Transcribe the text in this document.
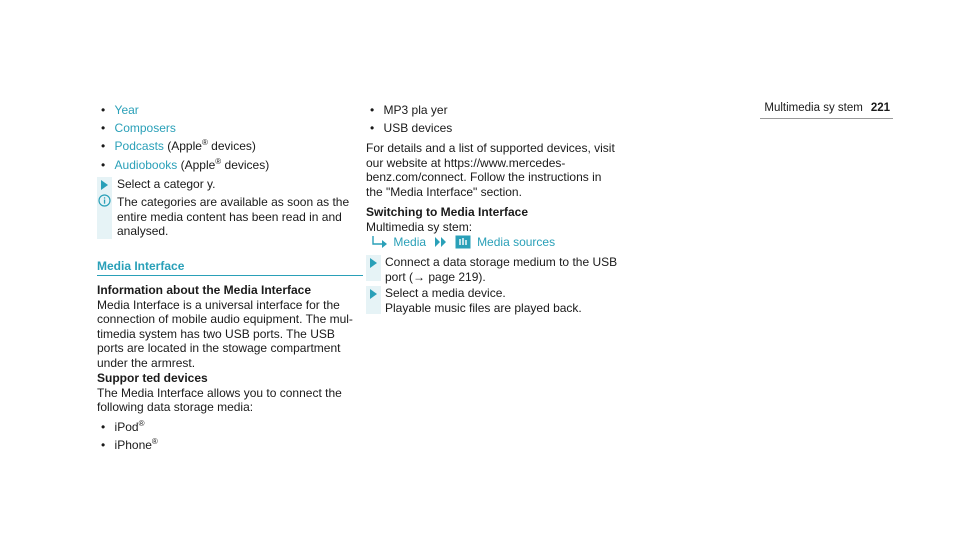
Multimedia sy stem 221
• Year
• Composers
• Podcasts (Apple® devices)
• Audiobooks (Apple® devices)
Select a categor y.
The categories are available as soon as the
entire media content has been read in and
analysed.
Media Interface
Information about the Media Interface
Media Interface is a universal interface for the
connection of mobile audio equipment. The mul‐
timedia system has two USB ports. The USB
ports are located in the stowage compartment
under the armrest.
Suppor ted devices
The Media Interface allows you to connect the
following data storage media:
• iPod®
• iPhone®
• MP3 pla yer
• USB devices
For details and a list of supported devices, visit
our website at https://www.mercedes-
benz.com/connect. Follow the instructions in
the "Media Interface" section.
Switching to Media Interface
Multimedia sy stem:
Media	Media sources
Connect a data storage medium to the USB
port (→ page 219).
Select a media device.
Playable music files are played back.
